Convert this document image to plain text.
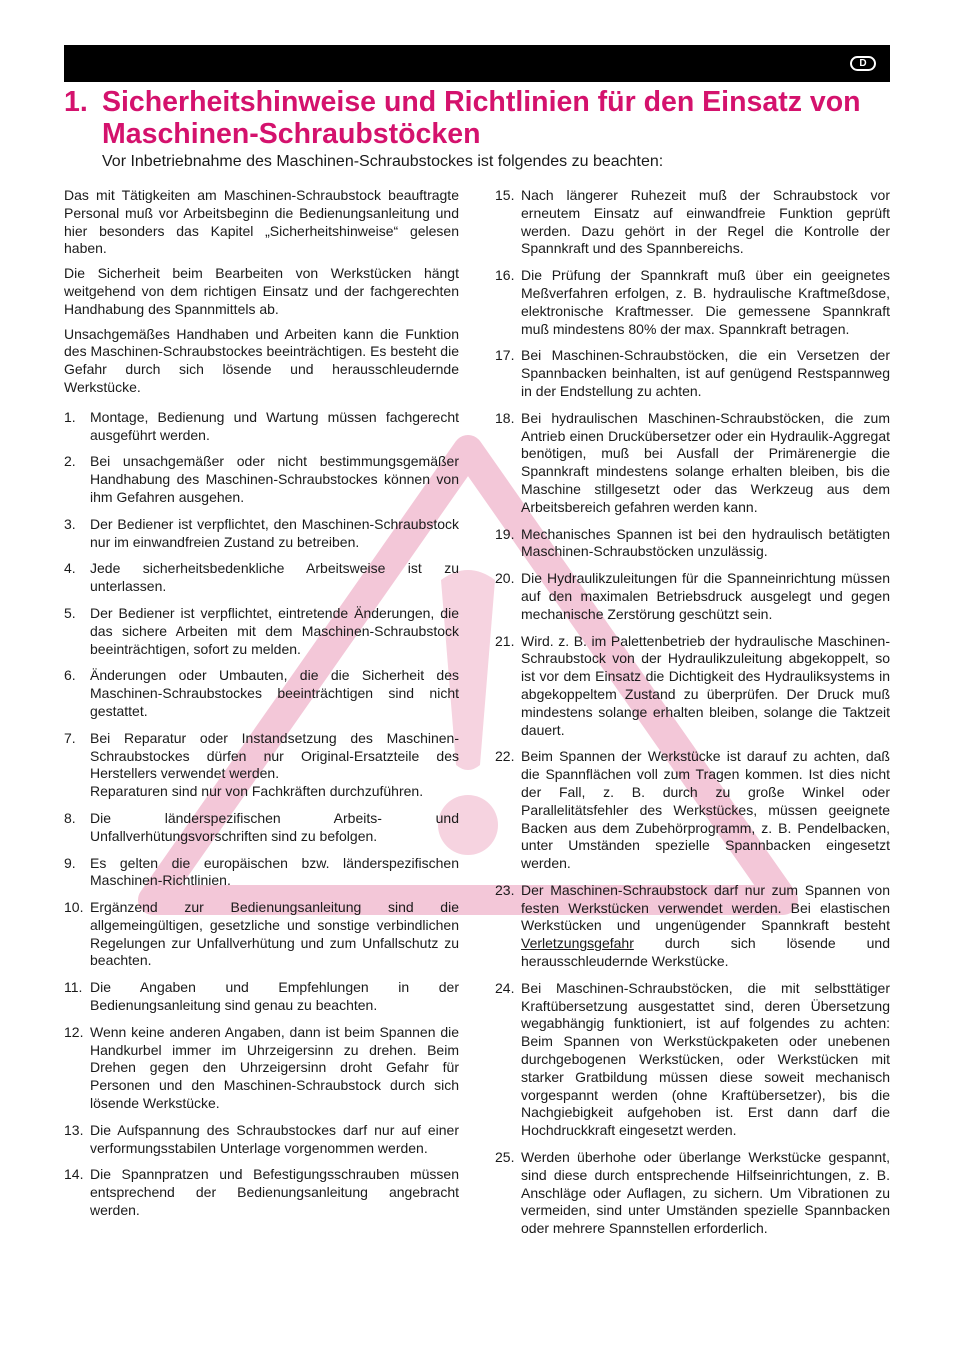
D
1. Sicherheitshinweise und Richtlinien für den Einsatz von Maschinen-Schraubstöcken
Vor Inbetriebnahme des Maschinen-Schraubstockes ist folgendes zu beachten:

Das mit Tätigkeiten am Maschinen-Schraubstock beauftragte Personal muß vor Arbeitsbeginn die Bedienungsanleitung und hier besonders das Kapitel „Sicherheitshinweise“ gelesen haben.

Die Sicherheit beim Bearbeiten von Werkstücken hängt weitgehend von dem richtigen Einsatz und der fachgerechten Handhabung des Spannmittels ab.

Unsachgemäßes Handhaben und Arbeiten kann die Funktion des Maschinen-Schraubstockes beeinträchtigen. Es besteht die Gefahr durch sich lösende und herausschleudernde Werkstücke.

1. Montage, Bedienung und Wartung müssen fachgerecht ausgeführt werden.
2. Bei unsachgemäßer oder nicht bestimmungsgemäßer Handhabung des Maschinen-Schraubstockes können von ihm Gefahren ausgehen.
3. Der Bediener ist verpflichtet, den Maschinen-Schraubstock nur im einwandfreien Zustand zu betreiben.
4. Jede sicherheitsbedenkliche Arbeitsweise ist zu unterlassen.
5. Der Bediener ist verpflichtet, eintretende Änderungen, die das sichere Arbeiten mit dem Maschinen-Schraubstock beeinträchtigen, sofort zu melden.
6. Änderungen oder Umbauten, die die Sicherheit des Maschinen-Schraubstockes beeinträchtigen sind nicht gestattet.
7. Bei Reparatur oder Instandsetzung des Maschinen-Schraubstockes dürfen nur Original-Ersatzteile des Herstellers verwendet werden.
Reparaturen sind nur von Fachkräften durchzuführen.
8. Die länderspezifischen Arbeits- und Unfallverhütungsvorschriften sind zu befolgen.
9. Es gelten die europäischen bzw. länderspezifischen Maschinen-Richtlinien.
10. Ergänzend zur Bedienungsanleitung sind die allgemeingültigen, gesetzliche und sonstige verbindlichen Regelungen zur Unfallverhütung und zum Unfallschutz zu beachten.
11. Die Angaben und Empfehlungen in der Bedienungsanleitung sind genau zu beachten.
12. Wenn keine anderen Angaben, dann ist beim Spannen die Handkurbel immer im Uhrzeigersinn zu drehen. Beim Drehen gegen den Uhrzeigersinn droht Gefahr für Personen und den Maschinen-Schraubstock durch sich lösende Werkstücke.
13. Die Aufspannung des Schraubstockes darf nur auf einer verformungsstabilen Unterlage vorgenommen werden.
14. Die Spannpratzen und Befestigungsschrauben müssen entsprechend der Bedienungsanleitung angebracht werden.
15. Nach längerer Ruhezeit muß der Schraubstock vor erneutem Einsatz auf einwandfreie Funktion geprüft werden. Dazu gehört in der Regel die Kontrolle der Spannkraft und des Spannbereichs.
16. Die Prüfung der Spannkraft muß über ein geeignetes Meßverfahren erfolgen, z. B. hydraulische Kraftmeßdose, elektronische Kraftmesser. Die gemessene Spannkraft muß mindestens 80% der max. Spannkraft betragen.
17. Bei Maschinen-Schraubstöcken, die ein Versetzen der Spannbacken beinhalten, ist auf genügend Restspannweg in der Endstellung zu achten.
18. Bei hydraulischen Maschinen-Schraubstöcken, die zum Antrieb einen Druckübersetzer oder ein Hydraulik-Aggregat benötigen, muß bei Ausfall der Primärenergie die Spannkraft mindestens solange erhalten bleiben, bis die Maschine stillgesetzt oder das Werkzeug aus dem Arbeitsbereich gefahren werden kann.
19. Mechanisches Spannen ist bei den hydraulisch betätigten Maschinen-Schraubstöcken unzulässig.
20. Die Hydraulikzuleitungen für die Spanneinrichtung müssen auf den maximalen Betriebsdruck ausgelegt und gegen mechanische Zerstörung geschützt sein.
21. Wird. z. B. im Palettenbetrieb der hydraulische Maschinen-Schraubstock von der Hydraulikzuleitung abgekoppelt, so ist vor dem Einsatz die Dichtigkeit des Hydrauliksystems in abgekoppeltem Zustand zu überprüfen. Der Druck muß mindestens solange erhalten bleiben, solange die Taktzeit dauert.
22. Beim Spannen der Werkstücke ist darauf zu achten, daß die Spannflächen voll zum Tragen kommen. Ist dies nicht der Fall, z. B. durch zu große Winkel oder Parallelitätsfehler des Werkstückes, müssen geeignete Backen aus dem Zubehörprogramm, z. B. Pendelbacken, unter Umständen spezielle Spannbacken eingesetzt werden.
23. Der Maschinen-Schraubstock darf nur zum Spannen von festen Werkstücken verwendet werden. Bei elastischen Werkstücken und ungenügender Spannkraft besteht Verletzungsgefahr durch sich lösende und herausschleudernde Werkstücke.
24. Bei Maschinen-Schraubstöcken, die mit selbsttätiger Kraftübersetzung ausgestattet sind, deren Übersetzung wegabhängig funktioniert, ist auf folgendes zu achten: Beim Spannen von Werkstückpaketen oder unebenen durchgebogenen Werkstücken, oder Werkstücken mit starker Gratbildung müssen diese soweit mechanisch vorgespannt werden (ohne Kraftübersetzer), bis die Nachgiebigkeit aufgehoben ist. Erst dann darf die Hochdruckkraft eingesetzt werden.
25. Werden überhohe oder überlange Werkstücke gespannt, sind diese durch entsprechende Hilfseinrichtungen, z. B. Anschläge oder Auflagen, zu sichern. Um Vibrationen zu vermeiden, sind unter Umständen spezielle Spannbacken oder mehrere Spannstellen erforderlich.
